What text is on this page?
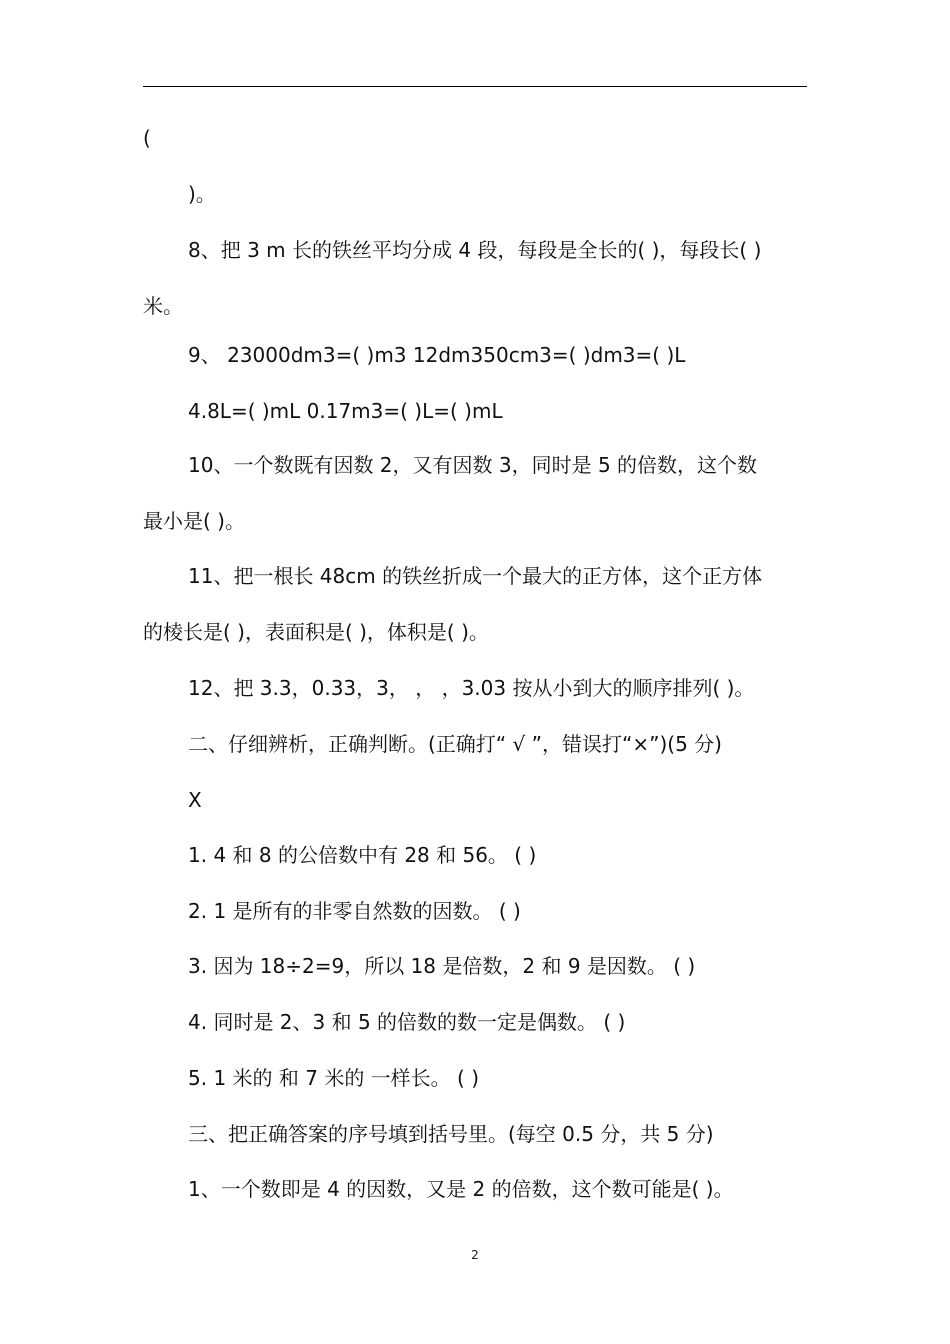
(
)。
8、把 3 m 长的铁丝平均分成 4 段，每段是全长的( )，每段长( )
米。
9、 23000dm3=( )m3 12dm350cm3=( )dm3=( )L
4.8L=( )mL 0.17m3=( )L=( )mL
10、一个数既有因数 2，又有因数 3，同时是 5 的倍数，这个数
最小是( )。
11、把一根长 48cm 的铁丝折成一个最大的正方体，这个正方体
的棱长是( )，表面积是( )，体积是( )。
12、把 3.3，0.33，3， ， ，3.03 按从小到大的顺序排列( )。
二、仔细辨析，正确判断。(正确打“ √ ”，错误打“×”)(5 分)
X
1. 4 和 8 的公倍数中有 28 和 56。 ( )
2. 1 是所有的非零自然数的因数。 ( )
3. 因为 18÷2=9，所以 18 是倍数，2 和 9 是因数。 ( )
4. 同时是 2、3 和 5 的倍数的数一定是偶数。 ( )
5. 1 米的 和 7 米的 一样长。 ( )
三、把正确答案的序号填到括号里。(每空 0.5 分，共 5 分)
1、一个数即是 4 的因数，又是 2 的倍数，这个数可能是( )。
2
